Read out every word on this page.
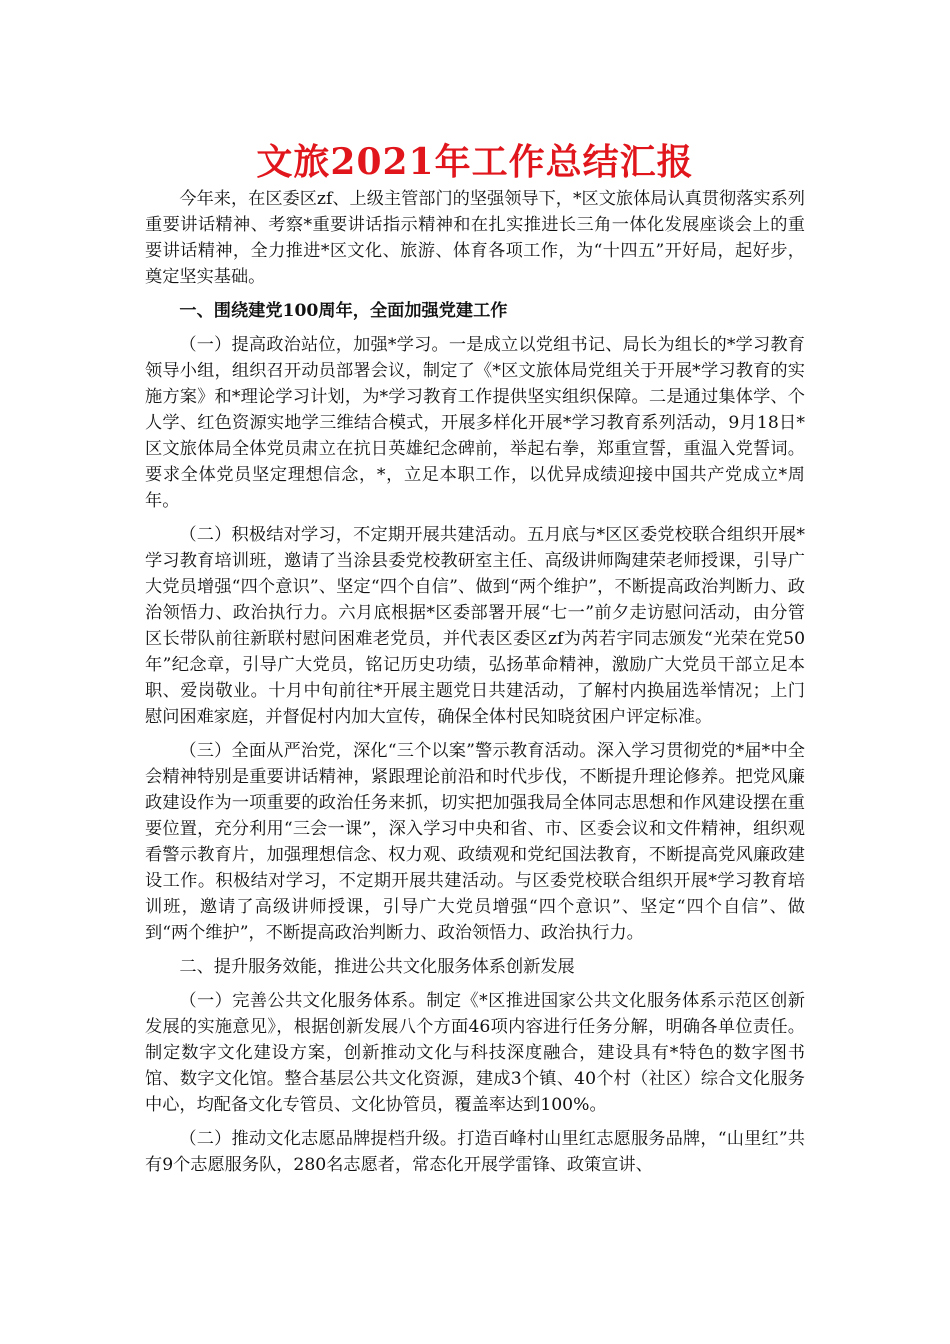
文旅2021年工作总结汇报

今年来，在区委区zf、上级主管部门的坚强领导下，*区文旅体局认真贯彻落实系列重要讲话精神、考察*重要讲话指示精神和在扎实推进长三角一体化发展座谈会上的重要讲话精神，全力推进*区文化、旅游、体育各项工作，为“十四五”开好局，起好步，奠定坚实基础。

一、围绕建党100周年，全面加强党建工作

（一）提高政治站位，加强*学习。一是成立以党组书记、局长为组长的*学习教育领导小组，组织召开动员部署会议，制定了《*区文旅体局党组关于开展*学习教育的实施方案》和*理论学习计划，为*学习教育工作提供坚实组织保障。二是通过集体学、个人学、红色资源实地学三维结合模式，开展多样化开展*学习教育系列活动，9月18日*区文旅体局全体党员肃立在抗日英雄纪念碑前，举起右拳，郑重宣誓，重温入党誓词。要求全体党员坚定理想信念，*，立足本职工作，以优异成绩迎接中国共产党成立*周年。

（二）积极结对学习，不定期开展共建活动。五月底与*区区委党校联合组织开展*学习教育培训班，邀请了当涂县委党校教研室主任、高级讲师陶建荣老师授课，引导广大党员增强“四个意识”、坚定“四个自信”、做到“两个维护”，不断提高政治判断力、政治领悟力、政治执行力。六月底根据*区委部署开展“七一”前夕走访慰问活动，由分管区长带队前往新联村慰问困难老党员，并代表区委区zf为芮若宇同志颁发“光荣在党50年”纪念章，引导广大党员，铭记历史功绩，弘扬革命精神，激励广大党员干部立足本职、爱岗敬业。十月中旬前往*开展主题党日共建活动，了解村内换届选举情况；上门慰问困难家庭，并督促村内加大宣传，确保全体村民知晓贫困户评定标准。

（三）全面从严治党，深化“三个以案”警示教育活动。深入学习贯彻党的*届*中全会精神特别是重要讲话精神，紧跟理论前沿和时代步伐，不断提升理论修养。把党风廉政建设作为一项重要的政治任务来抓，切实把加强我局全体同志思想和作风建设摆在重要位置，充分利用“三会一课”，深入学习中央和省、市、区委会议和文件精神，组织观看警示教育片，加强理想信念、权力观、政绩观和党纪国法教育，不断提高党风廉政建设工作。积极结对学习，不定期开展共建活动。与区委党校联合组织开展*学习教育培训班，邀请了高级讲师授课，引导广大党员增强“四个意识”、坚定“四个自信”、做到“两个维护”，不断提高政治判断力、政治领悟力、政治执行力。

二、提升服务效能，推进公共文化服务体系创新发展

（一）完善公共文化服务体系。制定《*区推进国家公共文化服务体系示范区创新发展的实施意见》，根据创新发展八个方面46项内容进行任务分解，明确各单位责任。制定数字文化建设方案，创新推动文化与科技深度融合，建设具有*特色的数字图书馆、数字文化馆。整合基层公共文化资源，建成3个镇、40个村（社区）综合文化服务中心，均配备文化专管员、文化协管员，覆盖率达到100%。

（二）推动文化志愿品牌提档升级。打造百峰村山里红志愿服务品牌，“山里红”共有9个志愿服务队，280名志愿者，常态化开展学雷锋、政策宣讲、
